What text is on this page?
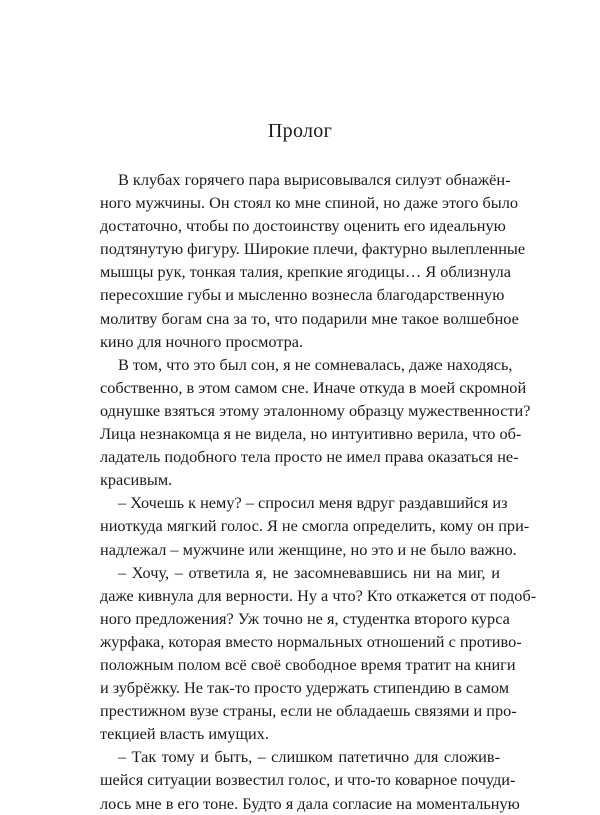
Пролог
В клубах горячего пара вырисовывался силуэт обнажён-
ного мужчины. Он стоял ко мне спиной, но даже этого было
достаточно, чтобы по достоинству оценить его идеальную
подтянутую фигуру. Широкие плечи, фактурно вылепленные
мышцы рук, тонкая талия, крепкие ягодицы… Я облизнула
пересохшие губы и мысленно вознесла благодарственную
молитву богам сна за то, что подарили мне такое волшебное
кино для ночного просмотра.
В том, что это был сон, я не сомневалась, даже находясь,
собственно, в этом самом сне. Иначе откуда в моей скромной
однушке взяться этому эталонному образцу мужественности?
Лица незнакомца я не видела, но интуитивно верила, что об-
ладатель подобного тела просто не имел права оказаться не-
красивым.
– Хочешь к нему? – спросил меня вдруг раздавшийся из
ниоткуда мягкий голос. Я не смогла определить, кому он при-
надлежал – мужчине или женщине, но это и не было важно.
– Хочу, – ответила я, не засомневавшись ни на миг, и
даже кивнула для верности. Ну а что? Кто откажется от подоб-
ного предложения? Уж точно не я, студентка второго курса
журфака, которая вместо нормальных отношений с противо-
положным полом всё своё свободное время тратит на книги
и зубрёжку. Не так-то просто удержать стипендию в самом
престижном вузе страны, если не обладаешь связями и про-
текцией власть имущих.
– Так тому и быть, – слишком патетично для сложив-
шейся ситуации возвестил голос, и что-то коварное почуди-
лось мне в его тоне. Будто я дала согласие на моментальную
